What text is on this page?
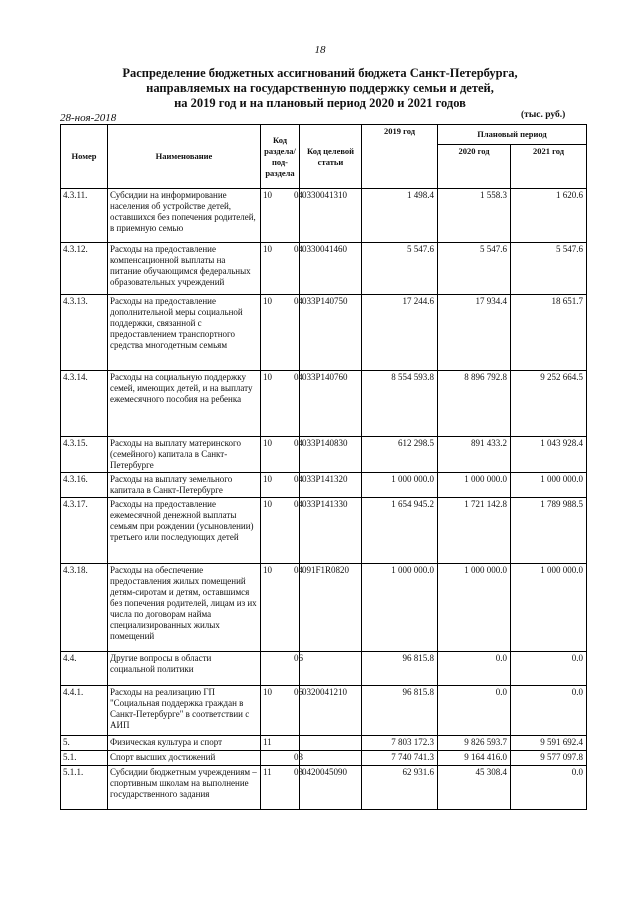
18
Распределение бюджетных ассигнований бюджета Санкт-Петербурга,
направляемых на государственную поддержку семьи и детей,
на 2019 год и на плановый период 2020 и 2021 годов
28-ноя-2018	(тыс. руб.)
Номер	Наименование	Код раздела/ под- раздела	Код целевой статьи	2019 год	Плановый период	
					2020 год	2021 год
4.3.11.	Субсидии на информирование населения об устройстве детей, оставшихся без попечения родителей, в приемную семью	10 04	0330041310	1 498.4	1 558.3	1 620.6
4.3.12.	Расходы на предоставление компенсационной выплаты на питание обучающимся федеральных образовательных учреждений	10 04	0330041460	5 547.6	5 547.6	5 547.6
4.3.13.	Расходы на предоставление дополнительной меры социальной поддержки, связанной с предоставлением транспортного средства многодетным семьям	10 04	033P140750	17 244.6	17 934.4	18 651.7
4.3.14.	Расходы на социальную поддержку семей, имеющих детей, и на выплату ежемесячного пособия на ребенка	10 04	033P140760	8 554 593.8	8 896 792.8	9 252 664.5
4.3.15.	Расходы на выплату материнского (семейного) капитала в Санкт-Петербурге	10 04	033P140830	612 298.5	891 433.2	1 043 928.4
4.3.16.	Расходы на выплату земельного капитала в Санкт-Петербурге	10 04	033P141320	1 000 000.0	1 000 000.0	1 000 000.0
4.3.17.	Расходы на предоставление ежемесячной денежной выплаты семьям при рождении (усыновлении) третьего или последующих детей	10 04	033P141330	1 654 945.2	1 721 142.8	1 789 988.5
4.3.18.	Расходы на обеспечение предоставления жилых помещений детям-сиротам и детям, оставшимся без попечения родителей, лицам из их числа по договорам найма специализированных жилых помещений	10 04	091F1R0820	1 000 000.0	1 000 000.0	1 000 000.0
4.4.	Другие вопросы в области социальной политики	06		96 815.8	0.0	0.0
4.4.1.	Расходы на реализацию ГП "Социальная поддержка граждан в Санкт-Петербурге" в соответствии с АИП	10 06	0320041210	96 815.8	0.0	0.0
5.	Физическая культура и спорт	11		7 803 172.3	9 826 593.7	9 591 692.4
5.1.	Спорт высших достижений	03		7 740 741.3	9 164 416.0	9 577 097.8
5.1.1.	Субсидии бюджетным учреждениям – спортивным школам на выполнение государственного задания	11 03	0420045090	62 931.6	45 308.4	0.0
